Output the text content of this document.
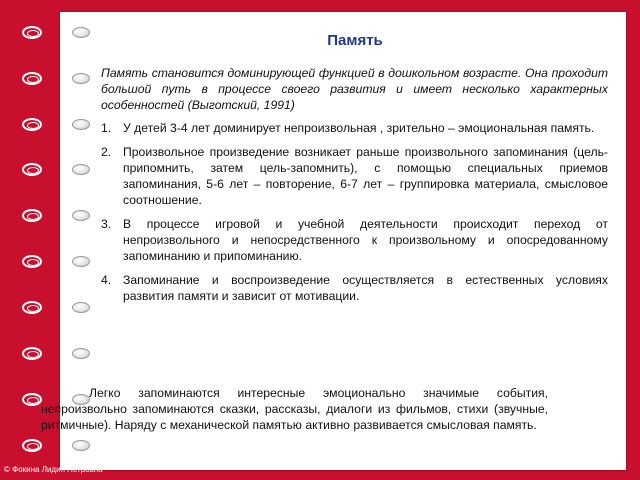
Память

Память становится доминирующей функцией в дошкольном возрасте. Она проходит большой путь в процессе своего развития и имеет несколько характерных особенностей (Выготский, 1991)

1. У детей 3-4 лет доминирует непроизвольная , зрительно – эмоциональная память.
2. Произвольное произведение возникает раньше произвольного запоминания (цель-припомнить, затем цель-запомнить), с помощью специальных приемов запоминания, 5-6 лет – повторение, 6-7 лет – группировка материала, смысловое соотношение.
3. В процессе игровой и учебной деятельности происходит переход от непроизвольного и непосредственного к произвольному и опосредованному запоминанию и припоминанию.
4. Запоминание и воспроизведение осуществляется в естественных условиях развития памяти и зависит от мотивации.

Легко запоминаются интересные эмоционально значимые события, непроизвольно запоминаются сказки, рассказы, диалоги из фильмов, стихи (звучные, ритмичные). Наряду с механической памятью активно развивается смысловая память.

© Фокина Лидия Петровна
